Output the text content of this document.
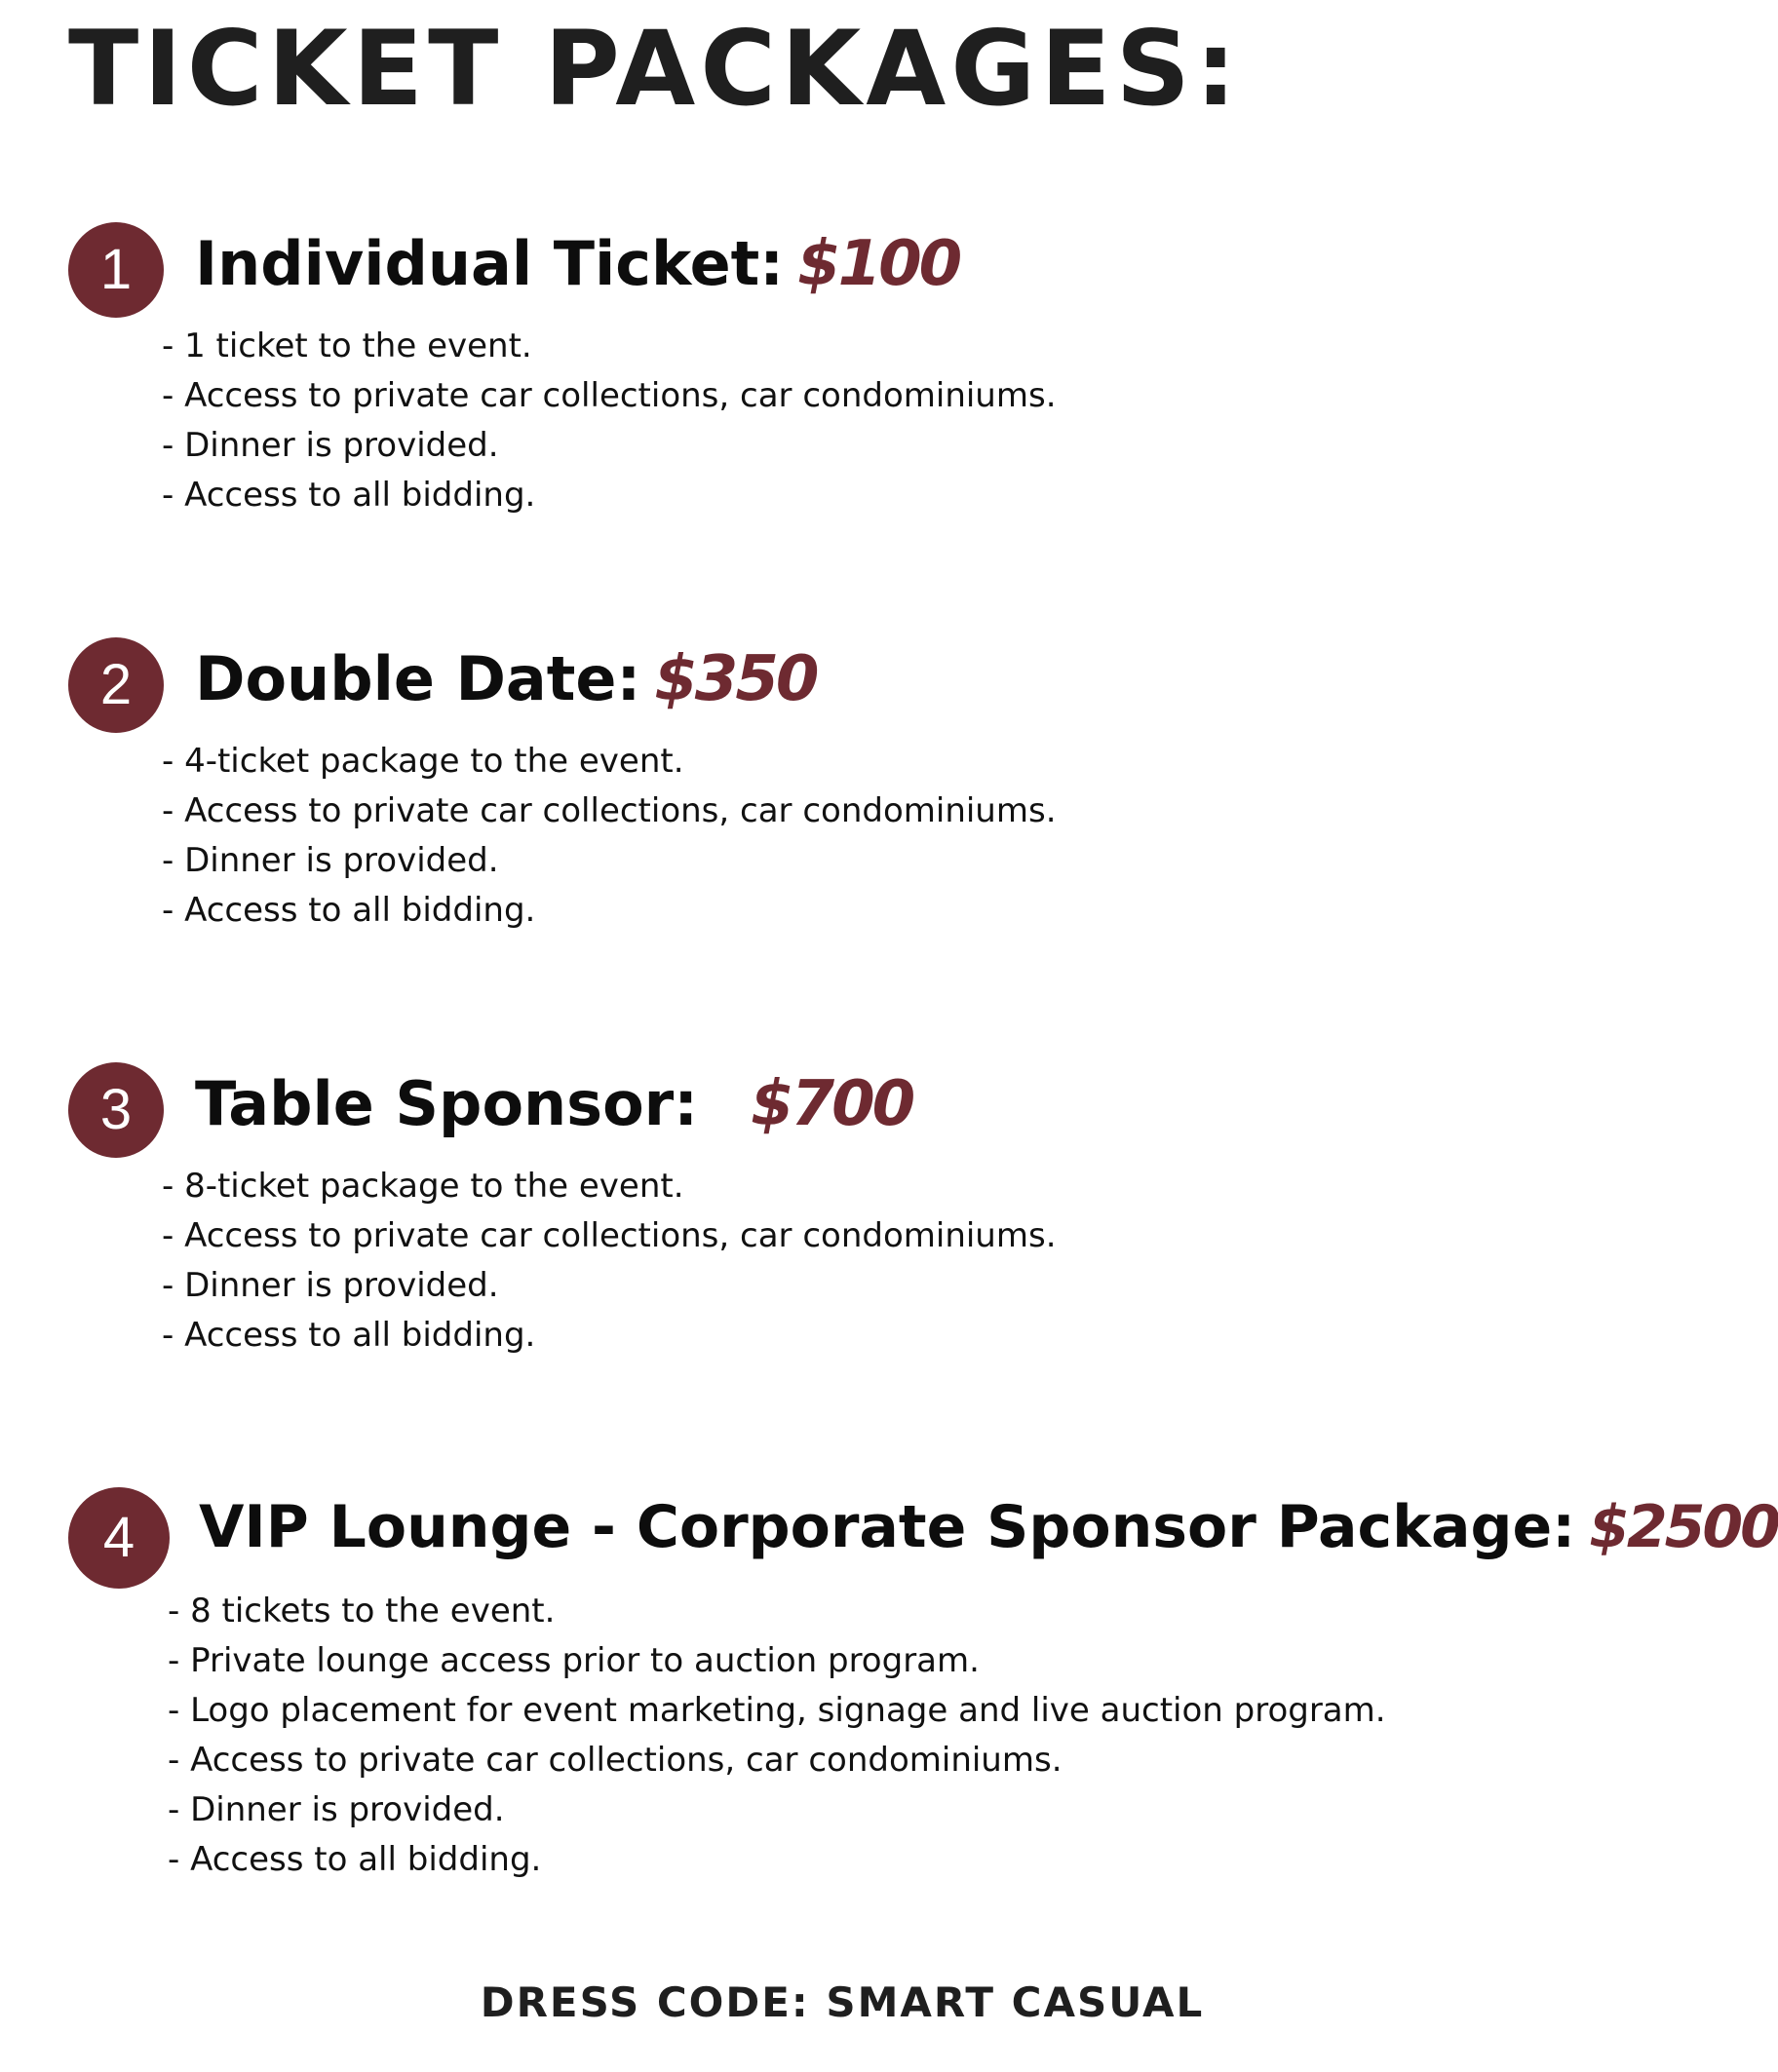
TICKET PACKAGES:
1	Individual Ticket: $100
- 1 ticket to the event.
- Access to private car collections, car condominiums.
- Dinner is provided.
- Access to all bidding.
2	Double Date: $350
- 4-ticket package to the event.
- Access to private car collections, car condominiums.
- Dinner is provided.
- Access to all bidding.
3	Table Sponsor: $700
- 8-ticket package to the event.
- Access to private car collections, car condominiums.
- Dinner is provided.
- Access to all bidding.
4	VIP Lounge - Corporate Sponsor Package: $2500
- 8 tickets to the event.
- Private lounge access prior to auction program.
- Logo placement for event marketing, signage and live auction program.
- Access to private car collections, car condominiums.
- Dinner is provided.
- Access to all bidding.
DRESS CODE: SMART CASUAL
